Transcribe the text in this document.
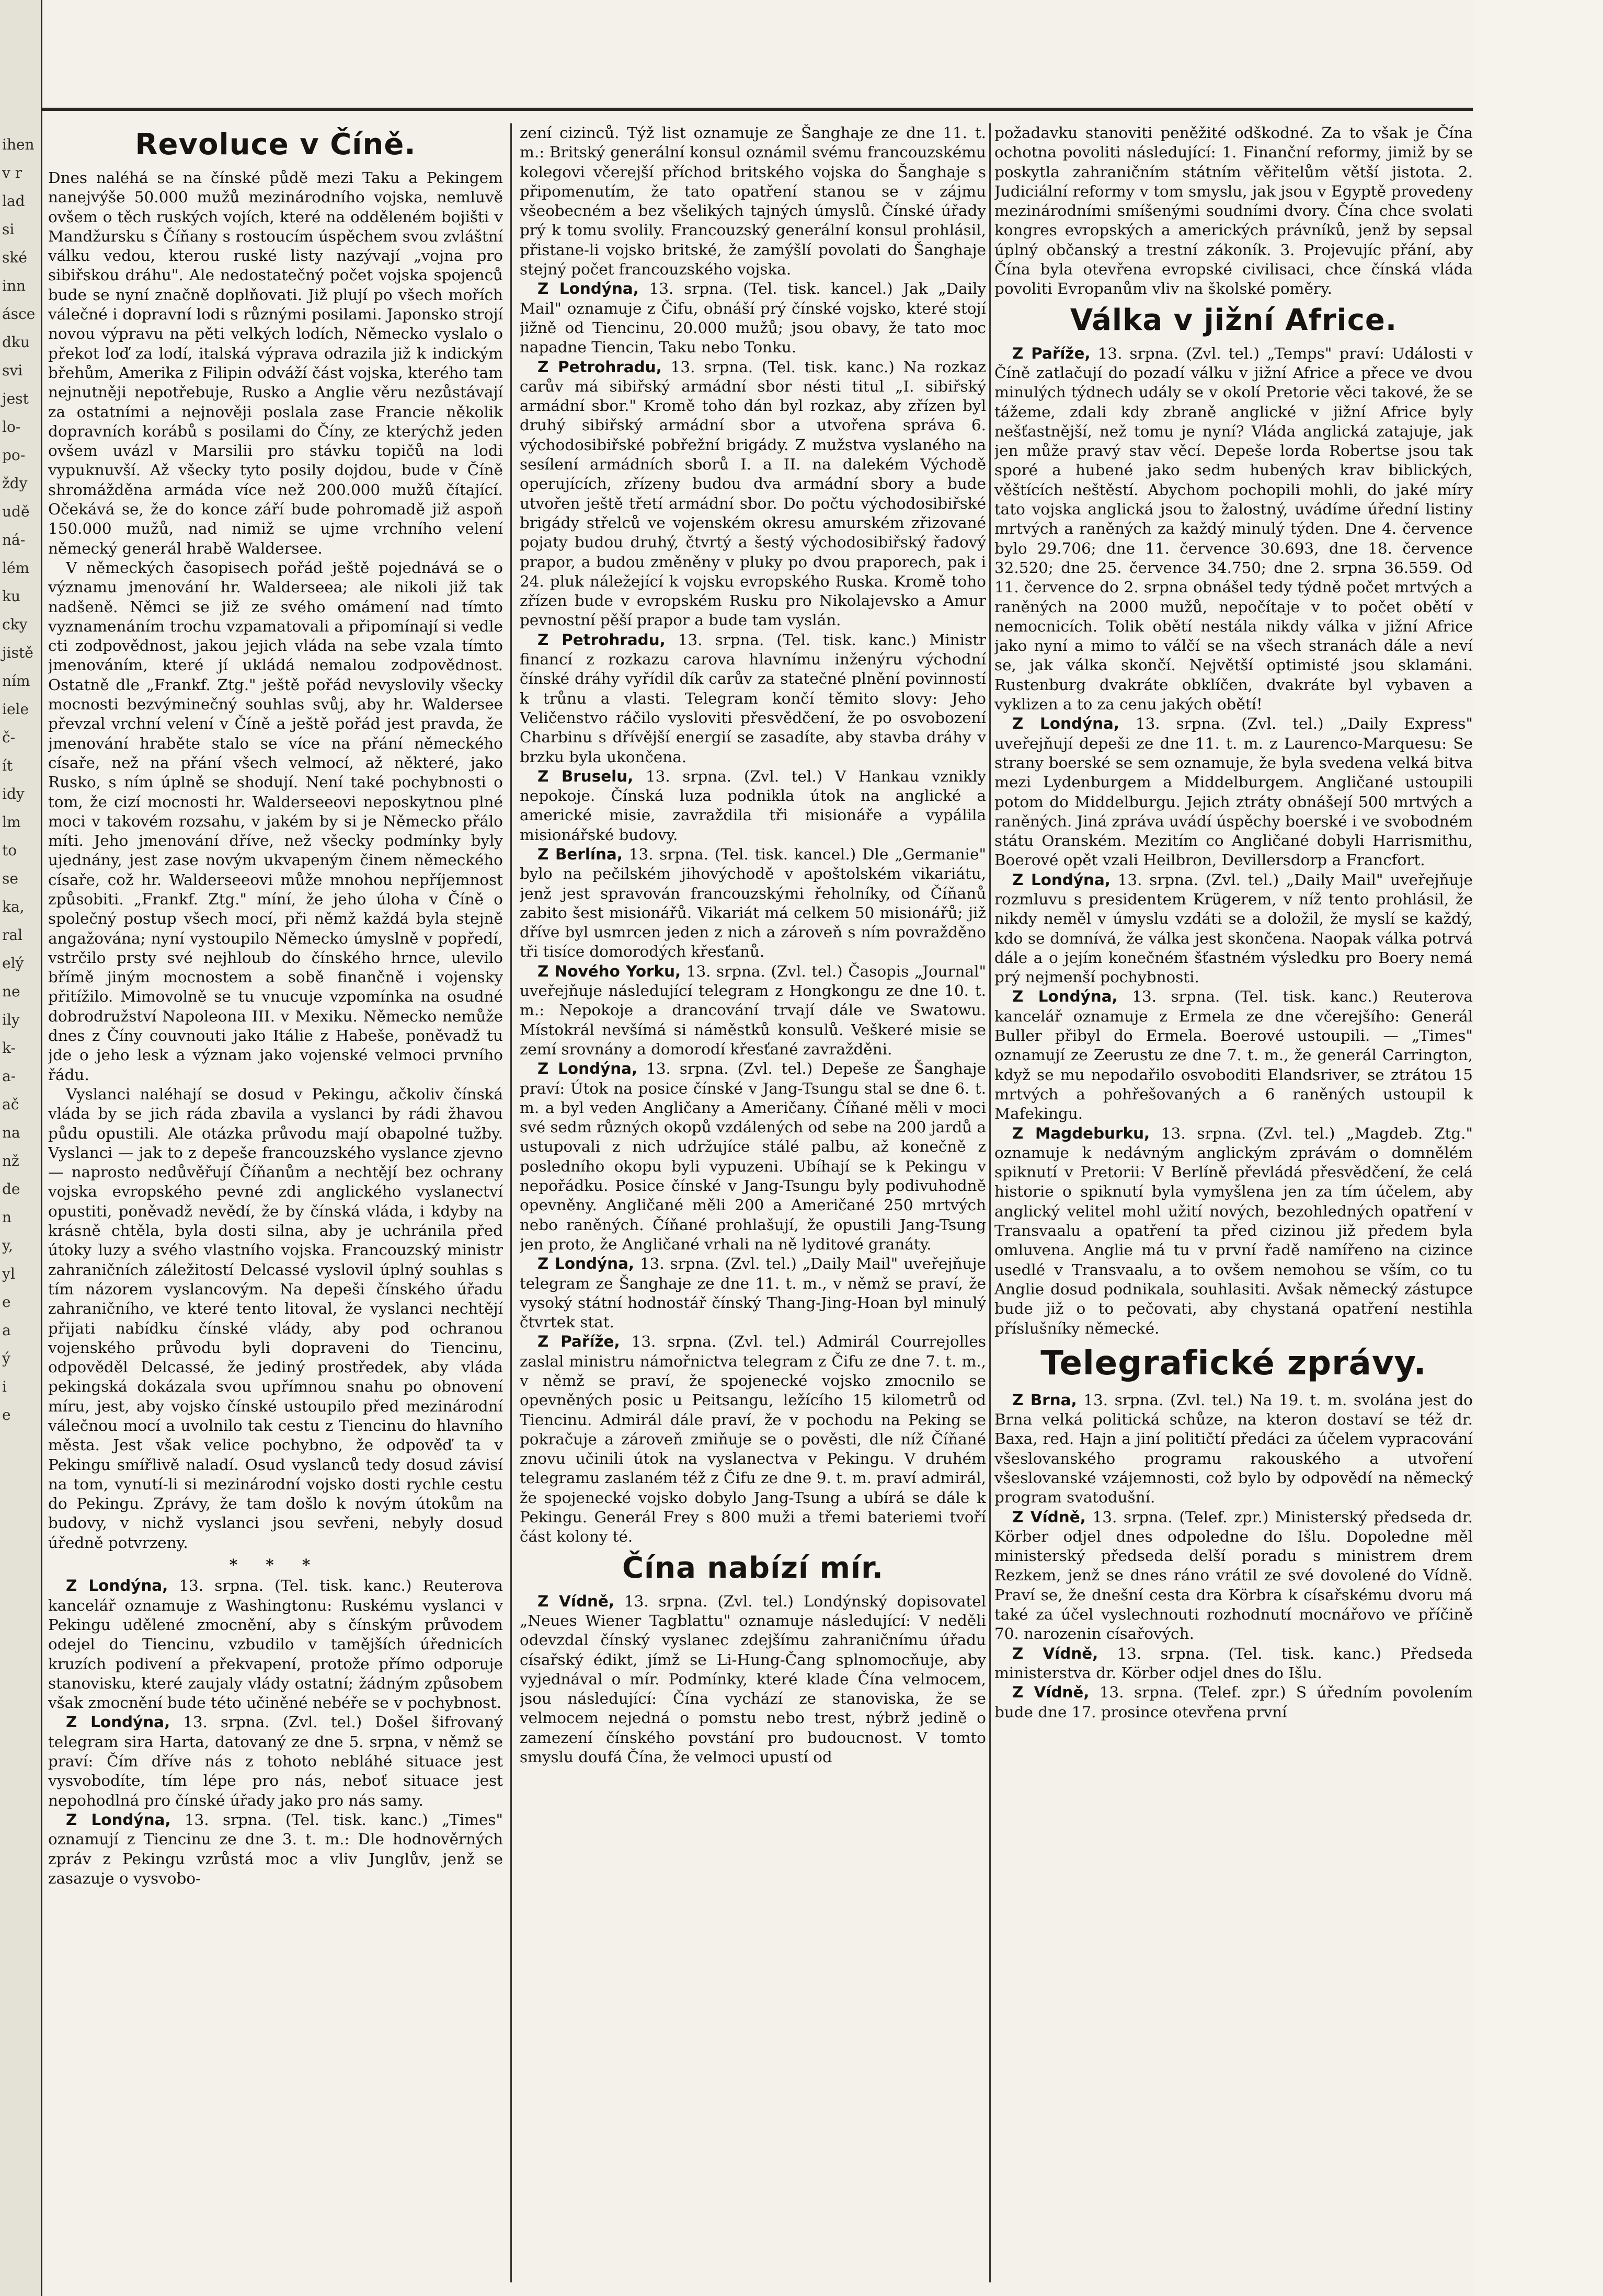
ihen
v r
lad
si
ské
inn
ásce
dku
svi
jest
lo-
po-
ždy
udě
ná-
lém
ku
cky
jistě
ním
iele
č-
ít
idy
lm
to
se
ka,
ral
elý
ne
ily
k-
a-
ač
na
nž
de
n
y,
yl
e
a
ý
i
e
Revoluce v Číně.

Dnes naléhá se na čínské půdě mezi Taku a Pekingem nanejvýše 50.000 mužů mezinárodního vojska, nemluvě ovšem o těch ruských vojích, které na odděleném bojišti v Mandžursku s Číňany s rostoucím úspěchem svou zvláštní válku vedou, kterou ruské listy nazývají „vojna pro sibiřskou dráhu". Ale nedostatečný počet vojska spojenců bude se nyní značně doplňovati. Již plují po všech mořích válečné i dopravní lodi s různými posilami. Japonsko strojí novou výpravu na pěti velkých lodích, Německo vyslalo o překot loď za lodí, italská výprava odrazila již k indickým břehům, Amerika z Filipin odváží část vojska, kterého tam nejnutněji nepotřebuje, Rusko a Anglie věru nezůstávají za ostatními a nejnověji poslala zase Francie několik dopravních korábů s posilami do Číny, ze kterýchž jeden ovšem uvázl v Marsilii pro stávku topičů na lodi vypuknuvší. Až všecky tyto posily dojdou, bude v Číně shromážděna armáda více než 200.000 mužů čítající. Očekává se, že do konce září bude pohromadě již aspoň 150.000 mužů, nad nimiž se ujme vrchního velení německý generál hrabě Waldersee.

V německých časopisech pořád ještě pojednává se o významu jmenování hr. Walderseea; ale nikoli již tak nadšeně. Němci se již ze svého omámení nad tímto vyznamenáním trochu vzpamatovali a připomínají si vedle cti zodpovědnost, jakou jejich vláda na sebe vzala tímto jmenováním, které jí ukládá nemalou zodpovědnost. Ostatně dle „Frankf. Ztg." ještě pořád nevyslovily všecky mocnosti bezvýminečný souhlas svůj, aby hr. Waldersee převzal vrchní velení v Číně a ještě pořád jest pravda, že jmenování hraběte stalo se více na přání německého císaře, než na přání všech velmocí, až některé, jako Rusko, s ním úplně se shodují. Není také pochybnosti o tom, že cizí mocnosti hr. Walderseeovi neposkytnou plné moci v takovém rozsahu, v jakém by si je Německo přálo míti. Jeho jmenování dříve, než všecky podmínky byly ujednány, jest zase novým ukvapeným činem německého císaře, což hr. Walderseeovi může mnohou nepříjemnost způsobiti. „Frankf. Ztg." míní, že jeho úloha v Číně o společný postup všech mocí, při němž každá byla stejně angažována; nyní vystoupilo Německo úmyslně v popředí, vstrčilo prsty své nejhloub do čínského hrnce, ulevilo břímě jiným mocnostem a sobě finančně i vojensky přitížilo. Mimovolně se tu vnucuje vzpomínka na osudné dobrodružství Napoleona III. v Mexiku. Německo nemůže dnes z Číny couvnouti jako Itálie z Habeše, poněvadž tu jde o jeho lesk a význam jako vojenské velmoci prvního řádu.

Vyslanci naléhají se dosud v Pekingu, ačkoliv čínská vláda by se jich ráda zbavila a vyslanci by rádi žhavou půdu opustili. Ale otázka průvodu mají obapolné tužby. Vyslanci — jak to z depeše francouzského vyslance zjevno — naprosto nedůvěřují Číňanům a nechtějí bez ochrany vojska evropského pevné zdi anglického vyslanectví opustiti, poněvadž nevědí, že by čínská vláda, i kdyby na krásně chtěla, byla dosti silna, aby je uchránila před útoky luzy a svého vlastního vojska. Francouzský ministr zahraničních záležitostí Delcassé vyslovil úplný souhlas s tím názorem vyslancovým. Na depeši čínského úřadu zahraničního, ve které tento litoval, že vyslanci nechtějí přijati nabídku čínské vlády, aby pod ochranou vojenského průvodu byli dopraveni do Tiencinu, odpověděl Delcassé, že jediný prostředek, aby vláda pekingská dokázala svou upřímnou snahu po obnovení míru, jest, aby vojsko čínské ustoupilo před mezinárodní válečnou mocí a uvolnilo tak cestu z Tiencinu do hlavního města. Jest však velice pochybno, že odpověď ta v Pekingu smířlivě naladí. Osud vyslanců tedy dosud závisí na tom, vynutí-li si mezinárodní vojsko dosti rychle cestu do Pekingu. Zprávy, že tam došlo k novým útokům na budovy, v nichž vyslanci jsou sevřeni, nebyly dosud úředně potvrzeny.

* * *

Z Londýna, 13. srpna. (Tel. tisk. kanc.) Reuterova kancelář oznamuje z Washingtonu: Ruskému vyslanci v Pekingu udělené zmocnění, aby s čínským průvodem odejel do Tiencinu, vzbudilo v tamějších úřednicích kruzích podivení a překvapení, protože přímo odporuje stanovisku, které zaujaly vlády ostatní; žádným způsobem však zmocnění bude této učiněné nebéře se v pochybnost.

Z Londýna, 13. srpna. (Zvl. tel.) Došel šifrovaný telegram sira Harta, datovaný ze dne 5. srpna, v němž se praví: Čím dříve nás z tohoto nebláhé situace jest vysvobodíte, tím lépe pro nás, neboť situace jest nepohodlná pro čínské úřady jako pro nás samy.

Z Londýna, 13. srpna. (Tel. tisk. kanc.) „Times" oznamují z Tiencinu ze dne 3. t. m.: Dle hodnověrných zpráv z Pekingu vzrůstá moc a vliv Junglův, jenž se zasazuje o vysvobo-

zení cizinců. Týž list oznamuje ze Šanghaje ze dne 11. t. m.: Britský generální konsul oznámil svému francouzskému kolegovi včerejší příchod britského vojska do Šanghaje s připomenutím, že tato opatření stanou se v zájmu všeobecném a bez všelikých tajných úmyslů. Čínské úřady prý k tomu svolily. Francouzský generální konsul prohlásil, přistane-li vojsko britské, že zamýšlí povolati do Šanghaje stejný počet francouzského vojska.

Z Londýna, 13. srpna. (Tel. tisk. kancel.) Jak „Daily Mail" oznamuje z Čifu, obnáší prý čínské vojsko, které stojí jižně od Tiencinu, 20.000 mužů; jsou obavy, že tato moc napadne Tiencin, Taku nebo Tonku.

Z Petrohradu, 13. srpna. (Tel. tisk. kanc.) Na rozkaz carův má sibiřský armádní sbor nésti titul „I. sibiřský armádní sbor." Kromě toho dán byl rozkaz, aby zřízen byl druhý sibiřský armádní sbor a utvořena správa 6. východosibiřské pobřežní brigády. Z mužstva vyslaného na sesílení armádních sborů I. a II. na dalekém Východě operujících, zřízeny budou dva armádní sbory a bude utvořen ještě třetí armádní sbor. Do počtu východosibiřské brigády střelců ve vojenském okresu amurském zřizované pojaty budou druhý, čtvrtý a šestý východosibiřský řadový prapor, a budou změněny v pluky po dvou praporech, pak i 24. pluk náležející k vojsku evropského Ruska. Kromě toho zřízen bude v evropském Rusku pro Nikolajevsko a Amur pevnostní pěší prapor a bude tam vyslán.

Z Petrohradu, 13. srpna. (Tel. tisk. kanc.) Ministr financí z rozkazu carova hlavnímu inženýru východní čínské dráhy vyřídil dík carův za statečné plnění povinností k trůnu a vlasti. Telegram končí těmito slovy: Jeho Veličenstvo ráčilo vysloviti přesvědčení, že po osvobození Charbinu s dřívější energií se zasadíte, aby stavba dráhy v brzku byla ukončena.

Z Bruselu, 13. srpna. (Zvl. tel.) V Hankau vznikly nepokoje. Čínská luza podnikla útok na anglické a americké misie, zavraždila tři misionáře a vypálila misionářské budovy.

Z Berlína, 13. srpna. (Tel. tisk. kancel.) Dle „Germanie" bylo na pečilském jihovýchodě v apoštolském vikariátu, jenž jest spravován francouzskými řeholníky, od Číňanů zabito šest misionářů. Vikariát má celkem 50 misionářů; již dříve byl usmrcen jeden z nich a zároveň s ním povražděno tři tisíce domorodých křesťanů.

Z Nového Yorku, 13. srpna. (Zvl. tel.) Časopis „Journal" uveřejňuje následující telegram z Hongkongu ze dne 10. t. m.: Nepokoje a drancování trvají dále ve Swatowu. Místokrál nevšímá si náměstků konsulů. Veškeré misie se zemí srovnány a domorodí křesťané zavražděni.

Z Londýna, 13. srpna. (Zvl. tel.) Depeše ze Šanghaje praví: Útok na posice čínské v Jang-Tsungu stal se dne 6. t. m. a byl veden Angličany a Američany. Číňané měli v moci své sedm různých okopů vzdálených od sebe na 200 jardů a ustupovali z nich udržujíce stálé palbu, až konečně z posledního okopu byli vypuzeni. Ubíhají se k Pekingu v nepořádku. Posice čínské v Jang-Tsungu byly podivuhodně opevněny. Angličané měli 200 a Američané 250 mrtvých nebo raněných. Číňané prohlašují, že opustili Jang-Tsung jen proto, že Angličané vrhali na ně lyditové granáty.

Z Londýna, 13. srpna. (Zvl. tel.) „Daily Mail" uveřejňuje telegram ze Šanghaje ze dne 11. t. m., v němž se praví, že vysoký státní hodnostář čínský Thang-Jing-Hoan byl minulý čtvrtek stat.

Z Paříže, 13. srpna. (Zvl. tel.) Admirál Courrejolles zaslal ministru námořnictva telegram z Čifu ze dne 7. t. m., v němž se praví, že spojenecké vojsko zmocnilo se opevněných posic u Peitsangu, ležícího 15 kilometrů od Tiencinu. Admirál dále praví, že v pochodu na Peking se pokračuje a zároveň zmiňuje se o pověsti, dle níž Číňané znovu učinili útok na vyslanectva v Pekingu. V druhém telegramu zaslaném též z Čifu ze dne 9. t. m. praví admirál, že spojenecké vojsko dobylo Jang-Tsung a ubírá se dále k Pekingu. Generál Frey s 800 muži a třemi bateriemi tvoří část kolony té.

Čína nabízí mír.

Z Vídně, 13. srpna. (Zvl. tel.) Londýnský dopisovatel „Neues Wiener Tagblattu" oznamuje následující: V neděli odevzdal čínský vyslanec zdejšímu zahraničnímu úřadu císařský édikt, jímž se Li-Hung-Čang splnomocňuje, aby vyjednával o mír. Podmínky, které klade Čína velmocem, jsou následující: Čína vychází ze stanoviska, že se velmocem nejedná o pomstu nebo trest, nýbrž jedině o zamezení čínského povstání pro budoucnost. V tomto smyslu doufá Čína, že velmoci upustí od

požadavku stanoviti peněžité odškodné. Za to však je Čína ochotna povoliti následující: 1. Finanční reformy, jimiž by se poskytla zahraničním státním věřitelům větší jistota. 2. Judiciální reformy v tom smyslu, jak jsou v Egyptě provedeny mezinárodními smíšenými soudními dvory. Čína chce svolati kongres evropských a amerických právníků, jenž by sepsal úplný občanský a trestní zákoník. 3. Projevujíc přání, aby Čína byla otevřena evropské civilisaci, chce čínská vláda povoliti Evropanům vliv na školské poměry.

Válka v jižní Africe.

Z Paříže, 13. srpna. (Zvl. tel.) „Temps" praví: Události v Číně zatlačují do pozadí válku v jižní Africe a přece ve dvou minulých týdnech udály se v okolí Pretorie věci takové, že se tážeme, zdali kdy zbraně anglické v jižní Africe byly nešťastnější, než tomu je nyní? Vláda anglická zatajuje, jak jen může pravý stav věcí. Depeše lorda Robertse jsou tak sporé a hubené jako sedm hubených krav biblických, věštících neštěstí. Abychom pochopili mohli, do jaké míry tato vojska anglická jsou to žalostný, uvádíme úřední listiny mrtvých a raněných za každý minulý týden. Dne 4. července bylo 29.706; dne 11. července 30.693, dne 18. července 32.520; dne 25. července 34.750; dne 2. srpna 36.559. Od 11. července do 2. srpna obnášel tedy týdně počet mrtvých a raněných na 2000 mužů, nepočítaje v to počet obětí v nemocnicích. Tolik obětí nestála nikdy válka v jižní Africe jako nyní a mimo to válčí se na všech stranách dále a neví se, jak válka skončí. Největší optimisté jsou sklamáni. Rustenburg dvakráte obklíčen, dvakráte byl vybaven a vyklizen a to za cenu jakých obětí!

Z Londýna, 13. srpna. (Zvl. tel.) „Daily Express" uveřejňují depeši ze dne 11. t. m. z Laurenco-Marquesu: Se strany boerské se sem oznamuje, že byla svedena velká bitva mezi Lydenburgem a Middelburgem. Angličané ustoupili potom do Middelburgu. Jejich ztráty obnášejí 500 mrtvých a raněných. Jiná zpráva uvádí úspěchy boerské i ve svobodném státu Oranském. Mezitím co Angličané dobyli Harrismithu, Boerové opět vzali Heilbron, Devillersdorp a Francfort.

Z Londýna, 13. srpna. (Zvl. tel.) „Daily Mail" uveřejňuje rozmluvu s presidentem Krügerem, v níž tento prohlásil, že nikdy neměl v úmyslu vzdáti se a doložil, že myslí se každý, kdo se domnívá, že válka jest skončena. Naopak válka potrvá dále a o jejím konečném šťastném výsledku pro Boery nemá prý nejmenší pochybnosti.

Z Londýna, 13. srpna. (Tel. tisk. kanc.) Reuterova kancelář oznamuje z Ermela ze dne včerejšího: Generál Buller přibyl do Ermela. Boerové ustoupili. — „Times" oznamují ze Zeerustu ze dne 7. t. m., že generál Carrington, když se mu nepodařilo osvoboditi Elandsriver, se ztrátou 15 mrtvých a pohřešovaných a 6 raněných ustoupil k Mafekingu.

Z Magdeburku, 13. srpna. (Zvl. tel.) „Magdeb. Ztg." oznamuje k nedávným anglickým zprávám o domnělém spiknutí v Pretorii: V Berlíně převládá přesvědčení, že celá historie o spiknutí byla vymyšlena jen za tím účelem, aby anglický velitel mohl užití nových, bezohledných opatření v Transvaalu a opatření ta před cizinou již předem byla omluvena. Anglie má tu v první řadě namířeno na cizince usedlé v Transvaalu, a to ovšem nemohou se vším, co tu Anglie dosud podnikala, souhlasiti. Avšak německý zástupce bude již o to pečovati, aby chystaná opatření nestihla příslušníky německé.

Telegrafické zprávy.

Z Brna, 13. srpna. (Zvl. tel.) Na 19. t. m. svolána jest do Brna velká politická schůze, na kteron dostaví se též dr. Baxa, red. Hajn a jiní političtí předáci za účelem vypracování všeslovanského programu rakouského a utvoření všeslovanské vzájemnosti, což bylo by odpovědí na německý program svatodušní.

Z Vídně, 13. srpna. (Telef. zpr.) Ministerský předseda dr. Körber odjel dnes odpoledne do Išlu. Dopoledne měl ministerský předseda delší poradu s ministrem drem Rezkem, jenž se dnes ráno vrátil ze své dovolené do Vídně. Praví se, že dnešní cesta dra Körbra k císařskému dvoru má také za účel vyslechnouti rozhodnutí mocnářovo ve příčině 70. narozenin císařových.

Z Vídně, 13. srpna. (Tel. tisk. kanc.) Předseda ministerstva dr. Körber odjel dnes do Išlu.

Z Vídně, 13. srpna. (Telef. zpr.) S úředním povolením bude dne 17. prosince otevřena první
